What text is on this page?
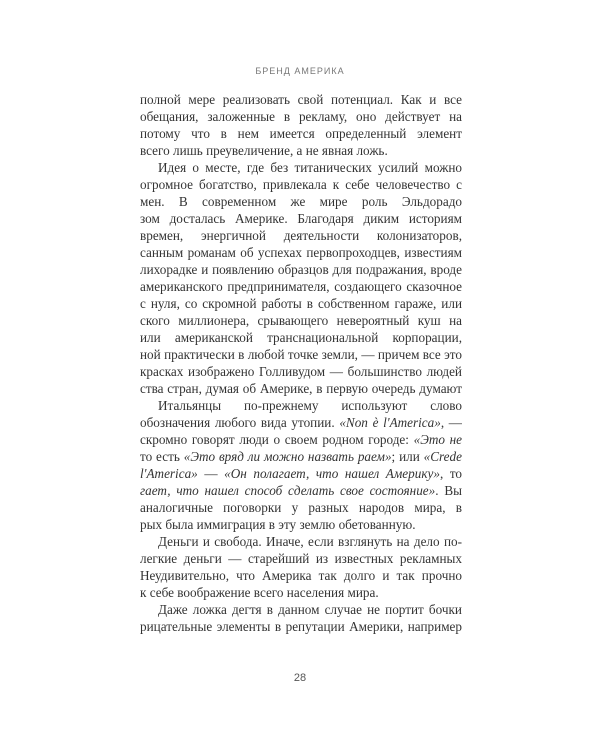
БРЕНД АМЕРИКА
полной мере реализовать свой потенциал. Как и все
обещания, заложенные в рекламу, оно действует на
потому что в нем имеется определенный элемент
всего лишь преувеличение, а не явная ложь.
Идея о месте, где без титанических усилий можно
огромное богатство, привлекала к себе человечество с
мен. В современном же мире роль Эльдорадо
зом досталась Америке. Благодаря диким историям
времен, энергичной деятельности колонизаторов,
санным романам об успехах первопроходцев, известиям
лихорадке и появлению образцов для подражания, вроде
американского предпринимателя, создающего сказочное
с нуля, со скромной работы в собственном гараже, или
ского миллионера, срывающего невероятный куш на
или американской транснациональной корпорации,
ной практически в любой точке земли, — причем все это
красках изображено Голливудом — большинство людей
ства стран, думая об Америке, в первую очередь думают
Итальянцы по-прежнему используют слово
обозначения любого вида утопии. «Non è l'America», —
скромно говорят люди о своем родном городе: «Это не
то есть «Это вряд ли можно назвать раем»; или «Crede
l'America» — «Он полагает, что нашел Америку», то
гает, что нашел способ сделать свое состояние». Вы
аналогичные поговорки у разных народов мира, в
рых была иммиграция в эту землю обетованную.
Деньги и свобода. Иначе, если взглянуть на дело по-
легкие деньги — старейший из известных рекламных
Неудивительно, что Америка так долго и так прочно
к себе воображение всего населения мира.
Даже ложка дегтя в данном случае не портит бочки
рицательные элементы в репутации Америки, например
28
